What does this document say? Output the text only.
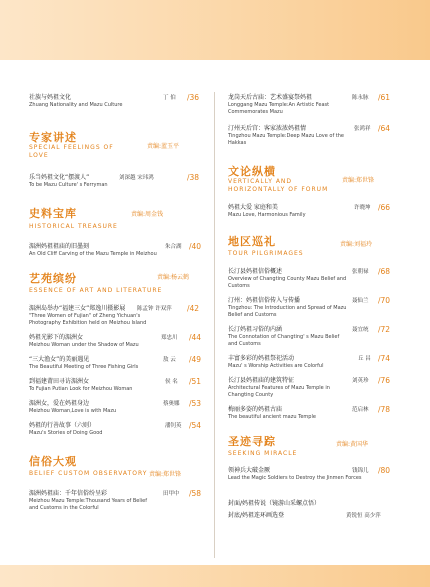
社族与妈祖文化
Zhuang Nationality and Mazu Culture
丁 伯 /36
专家讲述
SPECIAL FEELINGS OF LOVE
责编:蓝玉平
乐当妈祖文化“摆渡人”
To be Mazu Culture' s Ferryman
刘深越 宋玮鸿	/38
史料宝库
HISTORICAL TREASURE
责编:周金钱
湄洲妈祖祖庙的旧墨刻
An Old Cliff Carving of the Mazu Temple in Meizhou
朱合湖 /40
艺苑缤纷
ESSENCE OF ART AND LITERATURE
责编:杨云鹤
湄洲岛举办“福建三女”郑逸川摄影展
"Three Women of Fujian" of Zheng Yichuan's Photography Exhibition held on Meizhou Island
陈孟钟 许双萍 /42
妈祖光影下的湄洲女
Meizhou Woman under the Shadow of Mazu
郑忠川 /44
“三大渔女”的美丽遇见
The Beautiful Meeting of Three Fishing Girls
敖 云 /49
到福建莆田寻访湄洲女
To Fujian Putian Look for Meizhou Woman
侯 名 /51
湄洲女，爱在妈祖身边
Meizhou Woman,Love is with Mazu
蔡奥娜 /53
妈祖的行善故事（六则）
Mazu's Stories of Doing Good
潘钊英 /54
信俗大观
BELIEF CUSTOM OBSERVATORY 责编:郑世锋
湄洲妈祖庙：千年信俗纷呈彩
Meizhou Mazu Temple:Thousand Years of Belief and Customs in the Colorful
田甲中 /58
龙岗天后古庙：艺术盛宴祭妈祖
Longgang Mazu Temple:An Artistic Feast Commemorates Mazu
陈永脉 /61
汀州天后宫：客家浓浓妈祖情
Tingzhou Mazu Temple:Deep Mazu Love of the Hakkas
张鸿祥 /64
文论纵横
VERTICALLY AND HORIZONTALLY OF FORUM
责编:郑世锋
妈祖大爱 家庭和美
Mazu Love, Harmonious Family
许晓坤 /66
地区巡礼
TOUR PILGRIMAGES
责编:刘福玲
长汀县妈祖信俗概述
Overview of Changting County Mazu Belief and Customs
张朝禄 /68
汀州：妈祖信俗传入与传播
Tingzhou: The Introduction and Spread of Mazu Belief and Customs
聂仙兰 /70
长汀妈祖习俗的内涵
The Connotation of Changting' s Mazu Belief and Customs
聂宜统 /72
丰富多彩的妈祖祭祀活动
Mazu' s Worship Activities are Colorful
丘 昌 /74
长汀县妈祖庙的建筑特征
Architectural Features of Mazu Temple in Changting County
刘英珍 /76
梅丽多姿的妈祖古庙
The beautiful ancient mazu Temple
范启林 /78
圣迹寻踪
SEEKING MIRACLE
责编:黄国华
领神兵大破金厥
Lead the Magic Soldiers to Destroy the Jinmen Forces
钱锦儿 /80
封面/妈祖传说（镜游山采螺点悟）
封底/妈祖连环画选登	黄锐恒 高少萍
